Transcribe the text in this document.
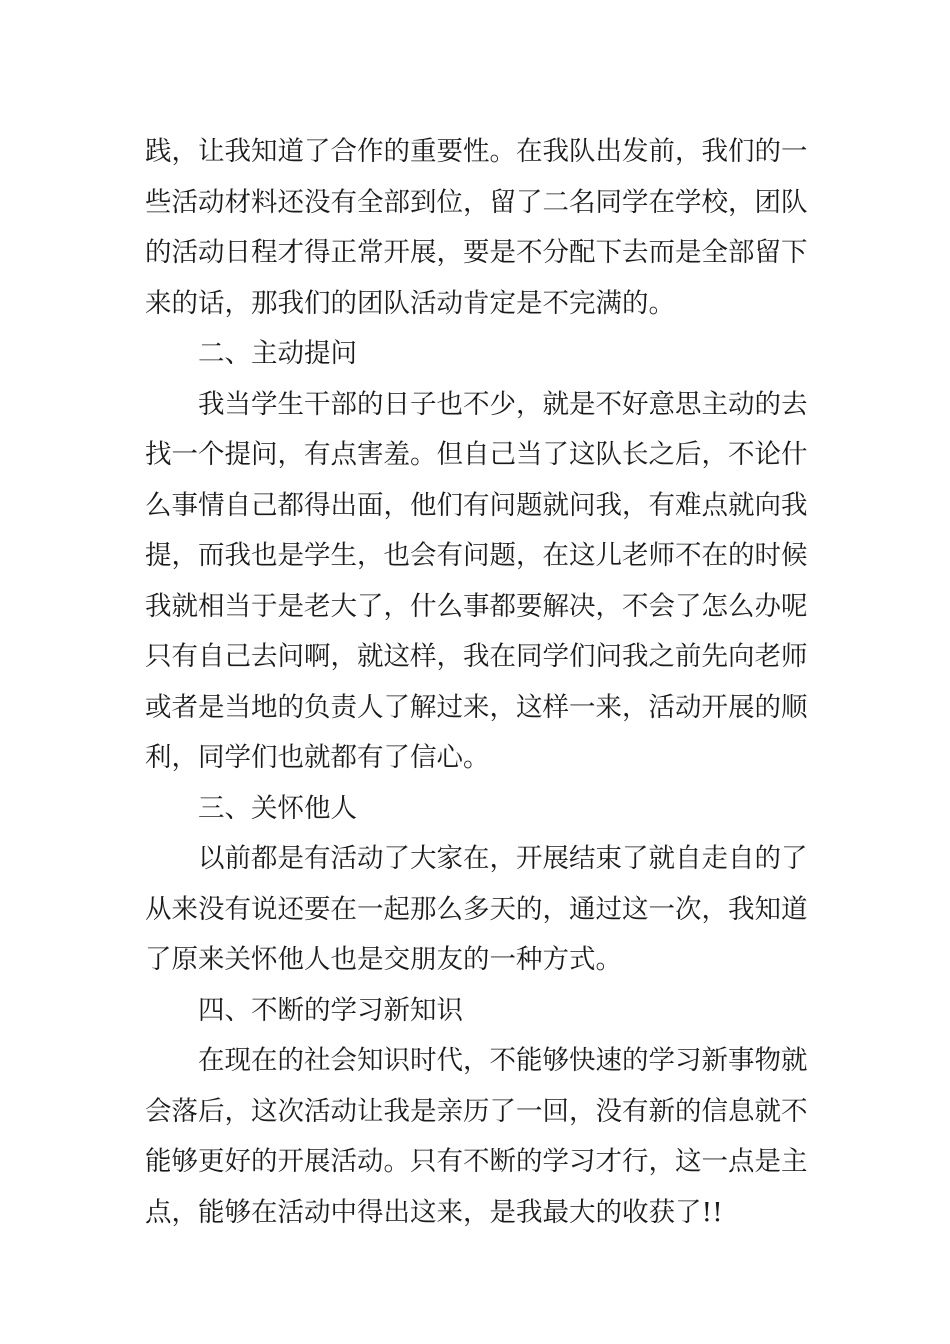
践，让我知道了合作的重要性。在我队出发前，我们的一
些活动材料还没有全部到位，留了二名同学在学校，团队
的活动日程才得正常开展，要是不分配下去而是全部留下
来的话，那我们的团队活动肯定是不完满的。
二、主动提问
我当学生干部的日子也不少，就是不好意思主动的去
找一个提问，有点害羞。但自己当了这队长之后，不论什
么事情自己都得出面，他们有问题就问我，有难点就向我
提，而我也是学生，也会有问题，在这儿老师不在的时候
我就相当于是老大了，什么事都要解决，不会了怎么办呢
只有自己去问啊，就这样，我在同学们问我之前先向老师
或者是当地的负责人了解过来，这样一来，活动开展的顺
利，同学们也就都有了信心。
三、关怀他人
以前都是有活动了大家在，开展结束了就自走自的了
从来没有说还要在一起那么多天的，通过这一次，我知道
了原来关怀他人也是交朋友的一种方式。
四、不断的学习新知识
在现在的社会知识时代，不能够快速的学习新事物就
会落后，这次活动让我是亲历了一回，没有新的信息就不
能够更好的开展活动。只有不断的学习才行，这一点是主
点，能够在活动中得出这来，是我最大的收获了!!
